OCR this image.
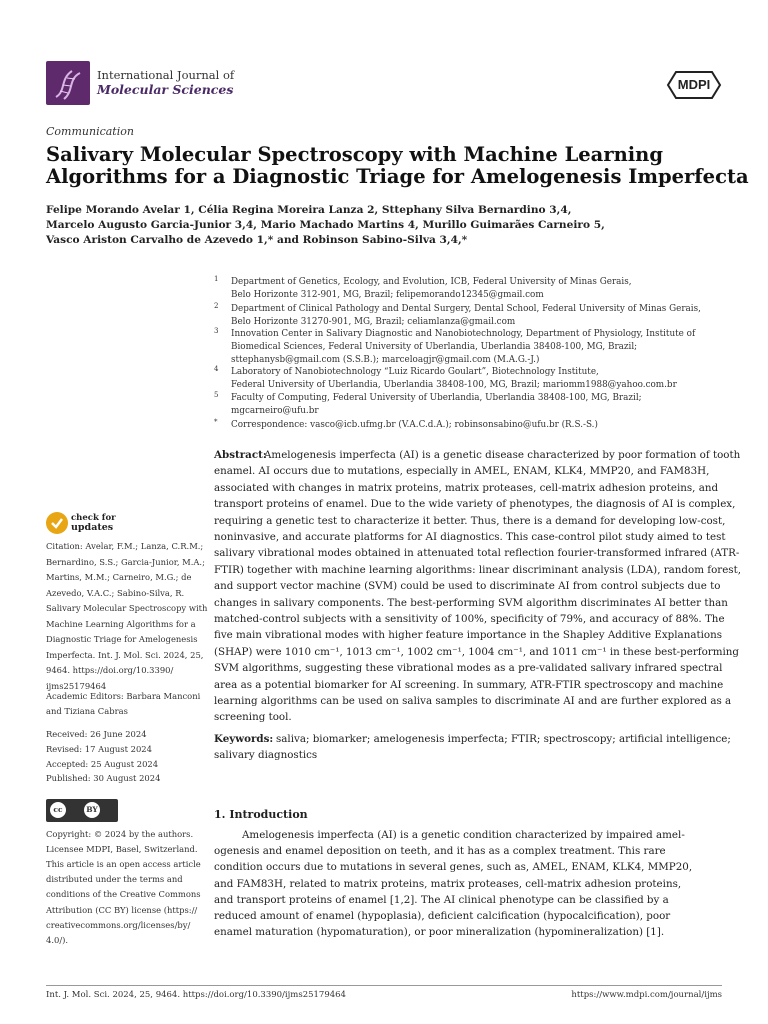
International Journal of
Molecular Sciences	MDPI
Communication
Salivary Molecular Spectroscopy with Machine Learning
Algorithms for a Diagnostic Triage for Amelogenesis Imperfecta
Felipe Morando Avelar 1, Célia Regina Moreira Lanza 2, Sttephany Silva Bernardino 3,4,
Marcelo Augusto Garcia-Junior 3,4, Mario Machado Martins 4, Murillo Guimarães Carneiro 5,
Vasco Ariston Carvalho de Azevedo 1,* and Robinson Sabino-Silva 3,4,*
1 Department of Genetics, Ecology, and Evolution, ICB, Federal University of Minas Gerais,
Belo Horizonte 312-901, MG, Brazil; felipemorando12345@gmail.com
2 Department of Clinical Pathology and Dental Surgery, Dental School, Federal University of Minas Gerais,
Belo Horizonte 31270-901, MG, Brazil; celiamlanza@gmail.com
3 Innovation Center in Salivary Diagnostic and Nanobiotechnology, Department of Physiology, Institute of
Biomedical Sciences, Federal University of Uberlandia, Uberlandia 38408-100, MG, Brazil;
sttephanysb@gmail.com (S.S.B.); marceloagjr@gmail.com (M.A.G.-J.)
4 Laboratory of Nanobiotechnology “Luiz Ricardo Goulart”, Biotechnology Institute,
Federal University of Uberlandia, Uberlandia 38408-100, MG, Brazil; mariomm1988@yahoo.com.br
5 Faculty of Computing, Federal University of Uberlandia, Uberlandia 38408-100, MG, Brazil;
mgcarneiro@ufu.br
* Correspondence: vasco@icb.ufmg.br (V.A.C.d.A.); robinsonsabino@ufu.br (R.S.-S.)
check for
updates
Citation: Avelar, F.M.; Lanza, C.R.M.;
Bernardino, S.S.; Garcia-Junior, M.A.;
Martins, M.M.; Carneiro, M.G.; de
Azevedo, V.A.C.; Sabino-Silva, R.
Salivary Molecular Spectroscopy with
Machine Learning Algorithms for a
Diagnostic Triage for Amelogenesis
Imperfecta. Int. J. Mol. Sci. 2024, 25,
9464. https://doi.org/10.3390/
ijms25179464
Academic Editors: Barbara Manconi
and Tiziana Cabras
Received: 26 June 2024
Revised: 17 August 2024
Accepted: 25 August 2024
Published: 30 August 2024
Copyright: © 2024 by the authors.
Licensee MDPI, Basel, Switzerland.
This article is an open access article
distributed under the terms and
conditions of the Creative Commons
Attribution (CC BY) license (https://
creativecommons.org/licenses/by/
4.0/).
cc	BY
Abstract:
Amelogenesis imperfecta (AI) is a genetic disease characterized by poor formation of tooth
enamel. AI occurs due to mutations, especially in AMEL, ENAM, KLK4, MMP20, and FAM83H,
associated with changes in matrix proteins, matrix proteases, cell-matrix adhesion proteins, and
transport proteins of enamel. Due to the wide variety of phenotypes, the diagnosis of AI is complex,
requiring a genetic test to characterize it better. Thus, there is a demand for developing low-cost,
noninvasive, and accurate platforms for AI diagnostics. This case-control pilot study aimed to test
salivary vibrational modes obtained in attenuated total reflection fourier-transformed infrared (ATR-
FTIR) together with machine learning algorithms: linear discriminant analysis (LDA), random forest,
and support vector machine (SVM) could be used to discriminate AI from control subjects due to
changes in salivary components. The best-performing SVM algorithm discriminates AI better than
matched-control subjects with a sensitivity of 100%, specificity of 79%, and accuracy of 88%. The
five main vibrational modes with higher feature importance in the Shapley Additive Explanations
(SHAP) were 1010 cm⁻¹, 1013 cm⁻¹, 1002 cm⁻¹, 1004 cm⁻¹, and 1011 cm⁻¹ in these best-performing
SVM algorithms, suggesting these vibrational modes as a pre-validated salivary infrared spectral
area as a potential biomarker for AI screening. In summary, ATR-FTIR spectroscopy and machine
learning algorithms can be used on saliva samples to discriminate AI and are further explored as a
screening tool.
Keywords: saliva; biomarker; amelogenesis imperfecta; FTIR; spectroscopy; artificial intelligence;
salivary diagnostics
1. Introduction
Amelogenesis imperfecta (AI) is a genetic condition characterized by impaired amel-
ogenesis and enamel deposition on teeth, and it has as a complex treatment. This rare
condition occurs due to mutations in several genes, such as, AMEL, ENAM, KLK4, MMP20,
and FAM83H, related to matrix proteins, matrix proteases, cell-matrix adhesion proteins,
and transport proteins of enamel [1,2]. The AI clinical phenotype can be classified by a
reduced amount of enamel (hypoplasia), deficient calcification (hypocalcification), poor
enamel maturation (hypomaturation), or poor mineralization (hypomineralization) [1].
Int. J. Mol. Sci. 2024, 25, 9464. https://doi.org/10.3390/ijms25179464	https://www.mdpi.com/journal/ijms
